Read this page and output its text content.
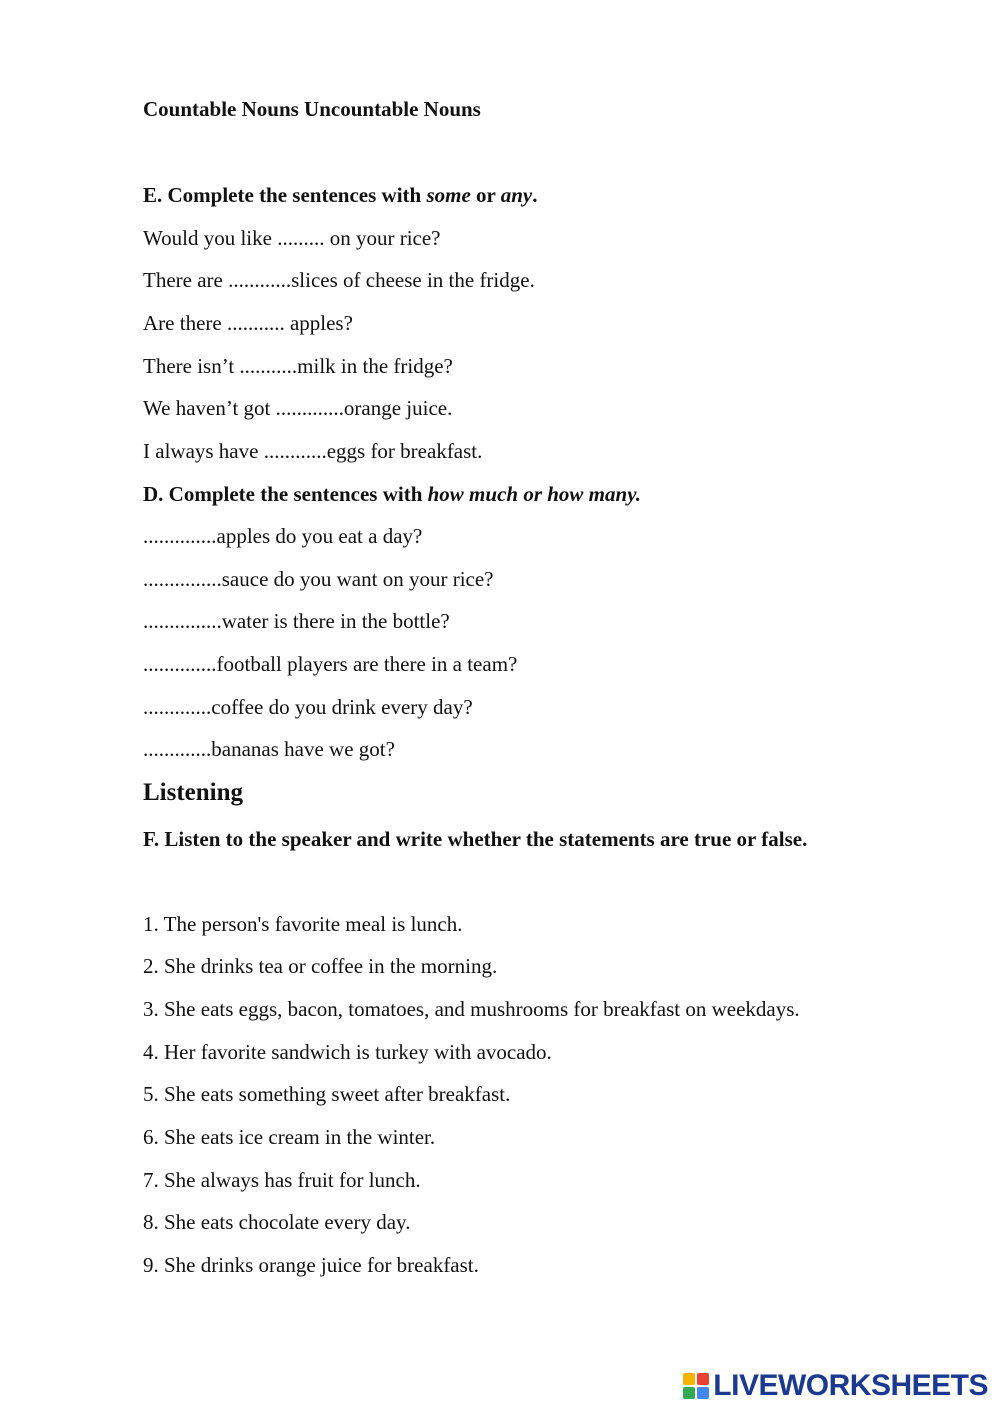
Countable Nouns Uncountable Nouns
E. Complete the sentences with some or any.
Would you like ......... on your rice?
There are ............slices of cheese in the fridge.
Are there ........... apples?
There isn’t ...........milk in the fridge?
We haven’t got .............orange juice.
I always have ............eggs for breakfast.
D. Complete the sentences with how much or how many.
..............apples do you eat a day?
...............sauce do you want on your rice?
...............water is there in the bottle?
..............football players are there in a team?
.............coffee do you drink every day?
.............bananas have we got?
Listening
F. Listen to the speaker and write whether the statements are true or false.
1. The person's favorite meal is lunch.
2. She drinks tea or coffee in the morning.
3. She eats eggs, bacon, tomatoes, and mushrooms for breakfast on weekdays.
4. Her favorite sandwich is turkey with avocado.
5. She eats something sweet after breakfast.
6. She eats ice cream in the winter.
7. She always has fruit for lunch.
8. She eats chocolate every day.
9. She drinks orange juice for breakfast.
LIVEWORKSHEETS
